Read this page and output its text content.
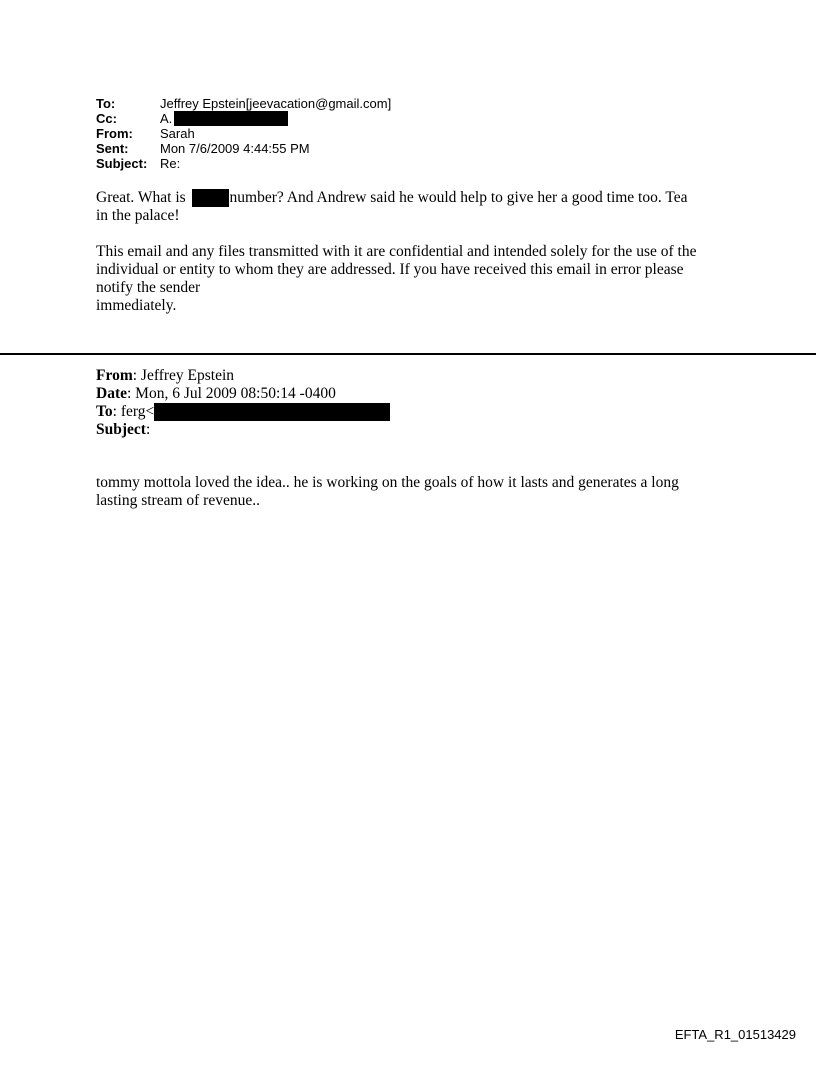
To:	Jeffrey Epstein[jeevacation@gmail.com]
Cc:	A.
From:	Sarah
Sent:	Mon 7/6/2009 4:44:55 PM
Subject: Re:
Great. What is	number? And Andrew said he would help to give her a good time too. Tea
in the palace!
This email and any files transmitted with it are confidential and intended solely for the use of the
individual or entity to whom they are addressed. If you have received this email in error please
notify the sender
immediately.
From: Jeffrey Epstein
Date: Mon, 6 Jul 2009 08:50:14 -0400
To: ferg<
Subject:
tommy mottola loved the idea.. he is working on the goals of how it lasts and generates a long
lasting stream of revenue..
EFTA_R1_01513429
